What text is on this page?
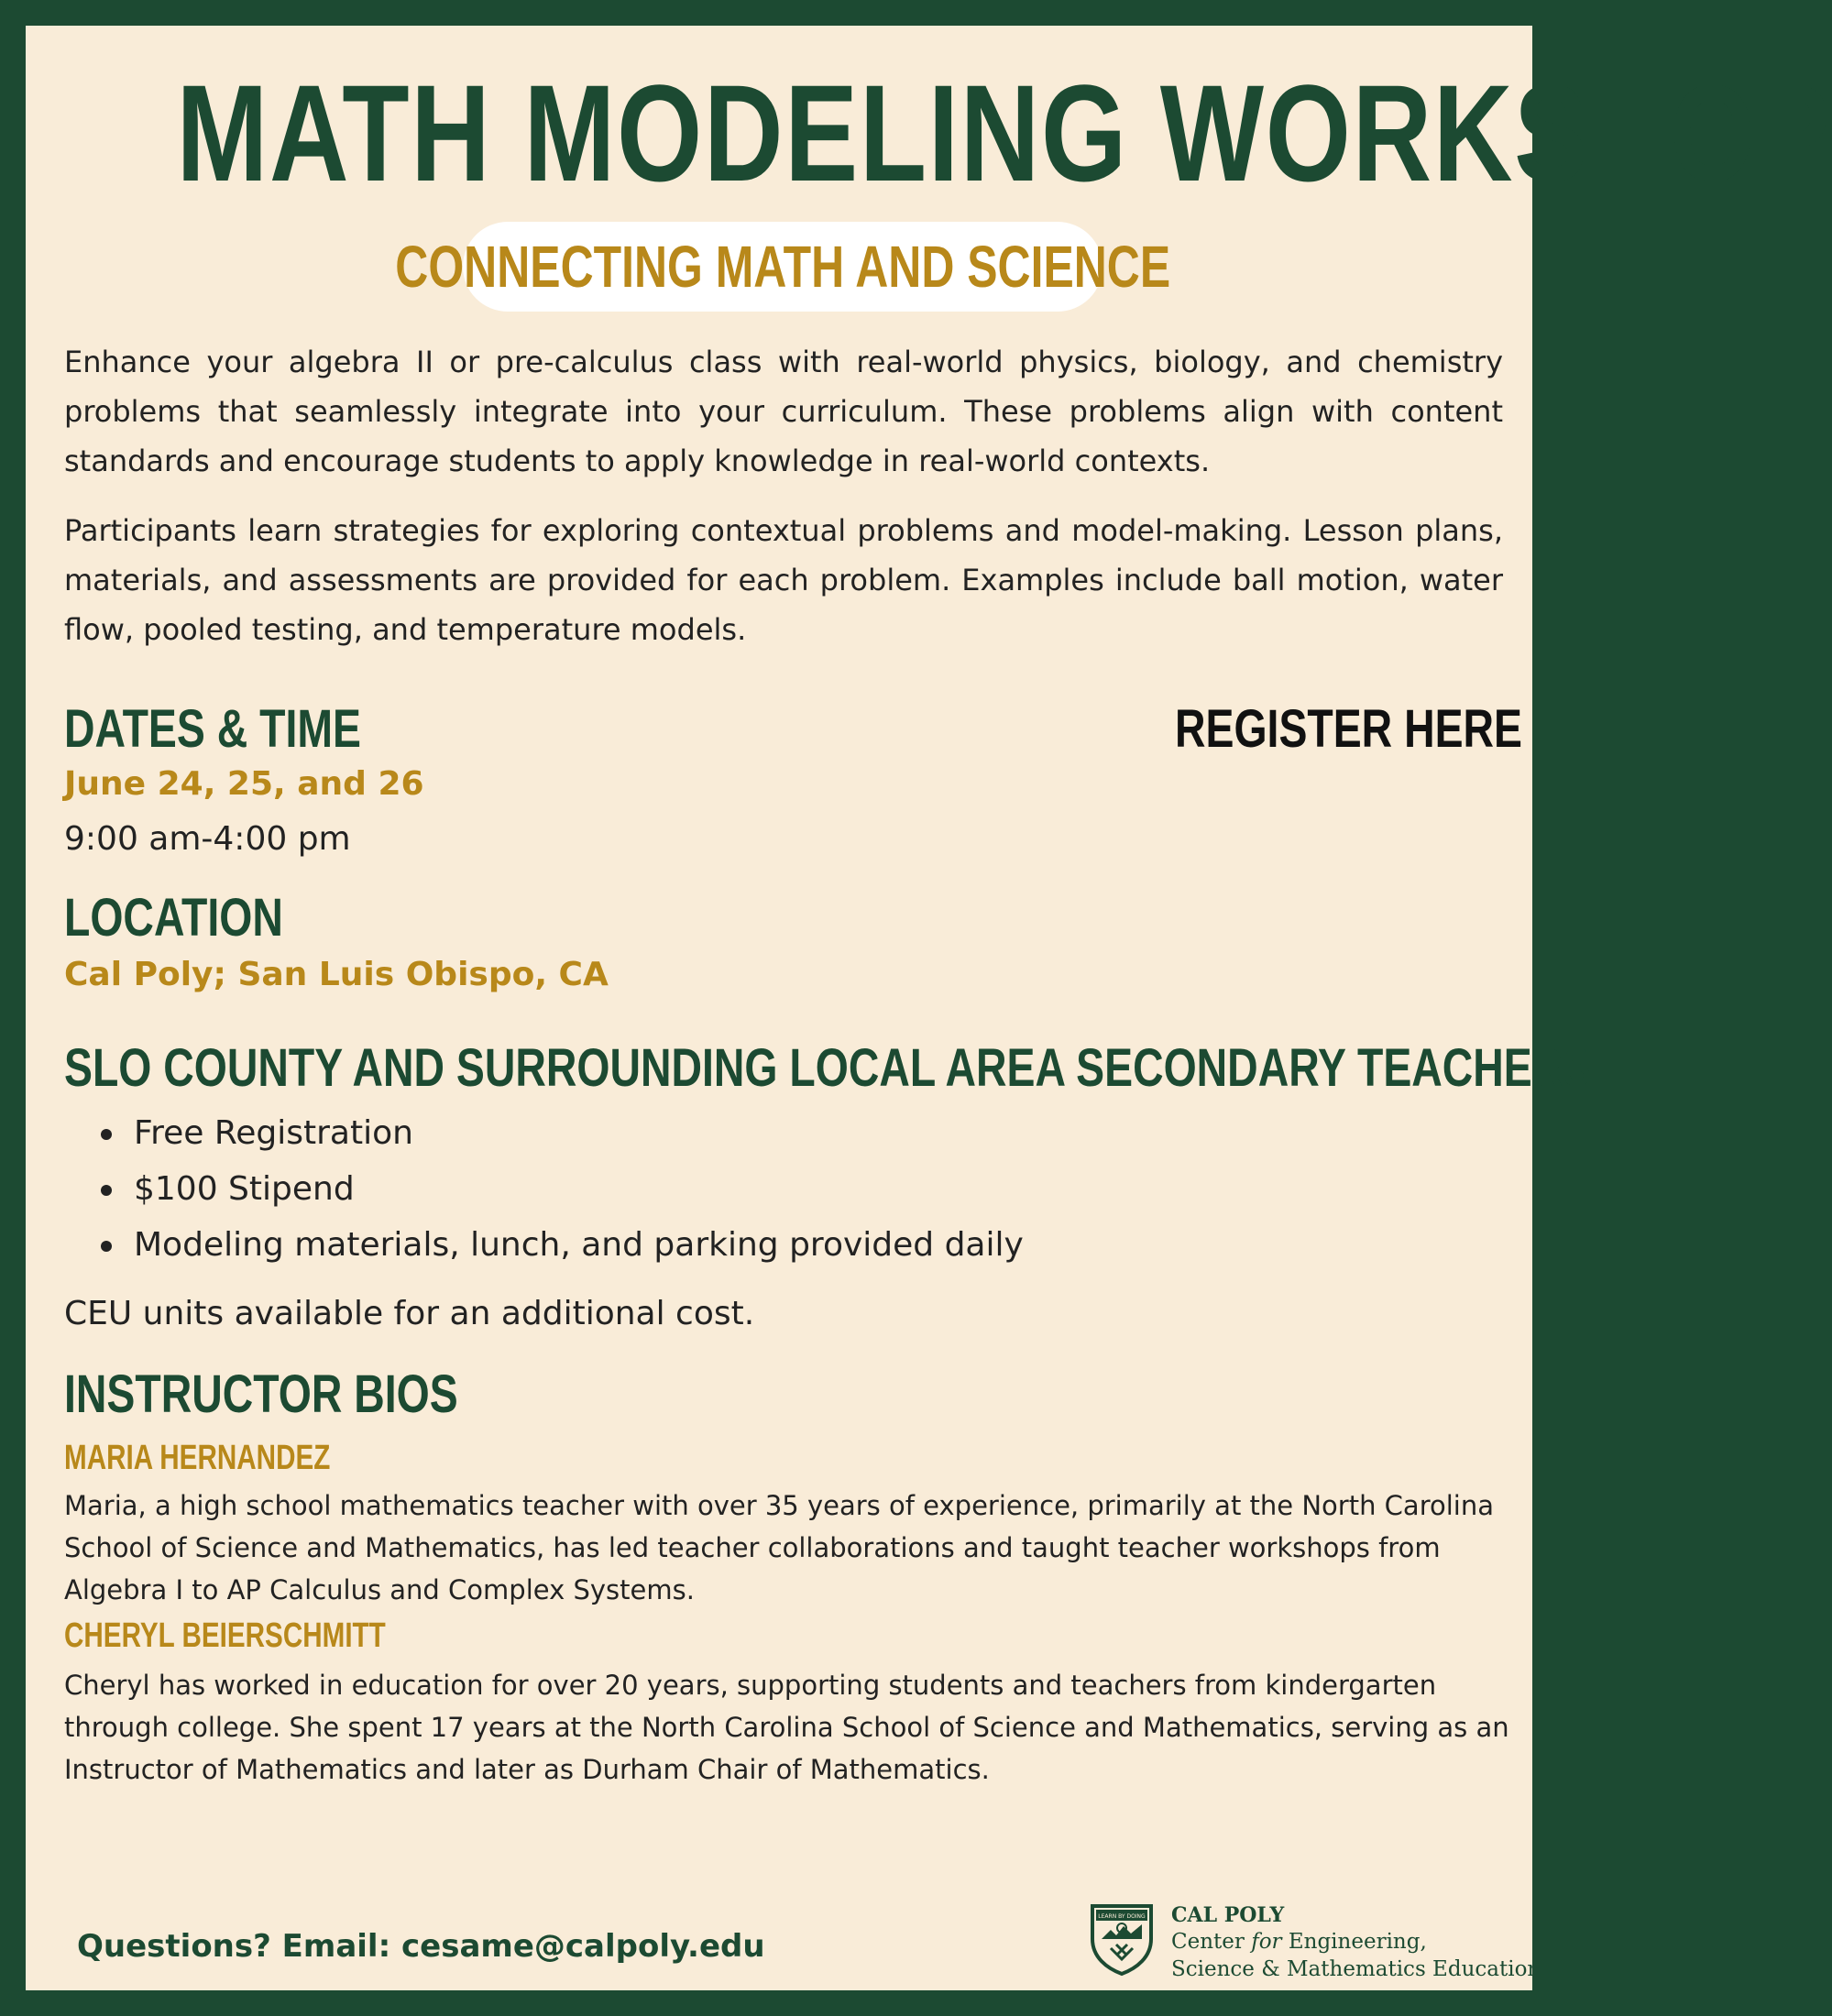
MATH MODELING WORKSHOP
CONNECTING MATH AND SCIENCE

Enhance your algebra II or pre-calculus class with real-world physics, biology, and chemistry problems that seamlessly integrate into your curriculum. These problems align with content standards and encourage students to apply knowledge in real-world contexts.

Participants learn strategies for exploring contextual problems and model-making. Lesson plans, materials, and assessments are provided for each problem. Examples include ball motion, water flow, pooled testing, and temperature models.

DATES & TIME	REGISTER HERE
June 24, 25, and 26
9:00 am-4:00 pm
LOCATION
Cal Poly; San Luis Obispo, CA
SLO COUNTY AND SURROUNDING LOCAL AREA SECONDARY TEACHERS
Free Registration
$100 Stipend
Modeling materials, lunch, and parking provided daily
CEU units available for an additional cost.
INSTRUCTOR BIOS
MARIA HERNANDEZ

Maria, a high school mathematics teacher with over 35 years of experience, primarily at the North Carolina School of Science and Mathematics, has led teacher collaborations and taught teacher workshops from Algebra I to AP Calculus and Complex Systems.

CHERYL BEIERSCHMITT

Cheryl has worked in education for over 20 years, supporting students and teachers from kindergarten through college. She spent 17 years at the North Carolina School of Science and Mathematics, serving as an Instructor of Mathematics and later as Durham Chair of Mathematics.

Questions? Email: cesame@calpoly.edu
LEARN BY DOING CAL POLY
Center for Engineering,
Science & Mathematics Education
